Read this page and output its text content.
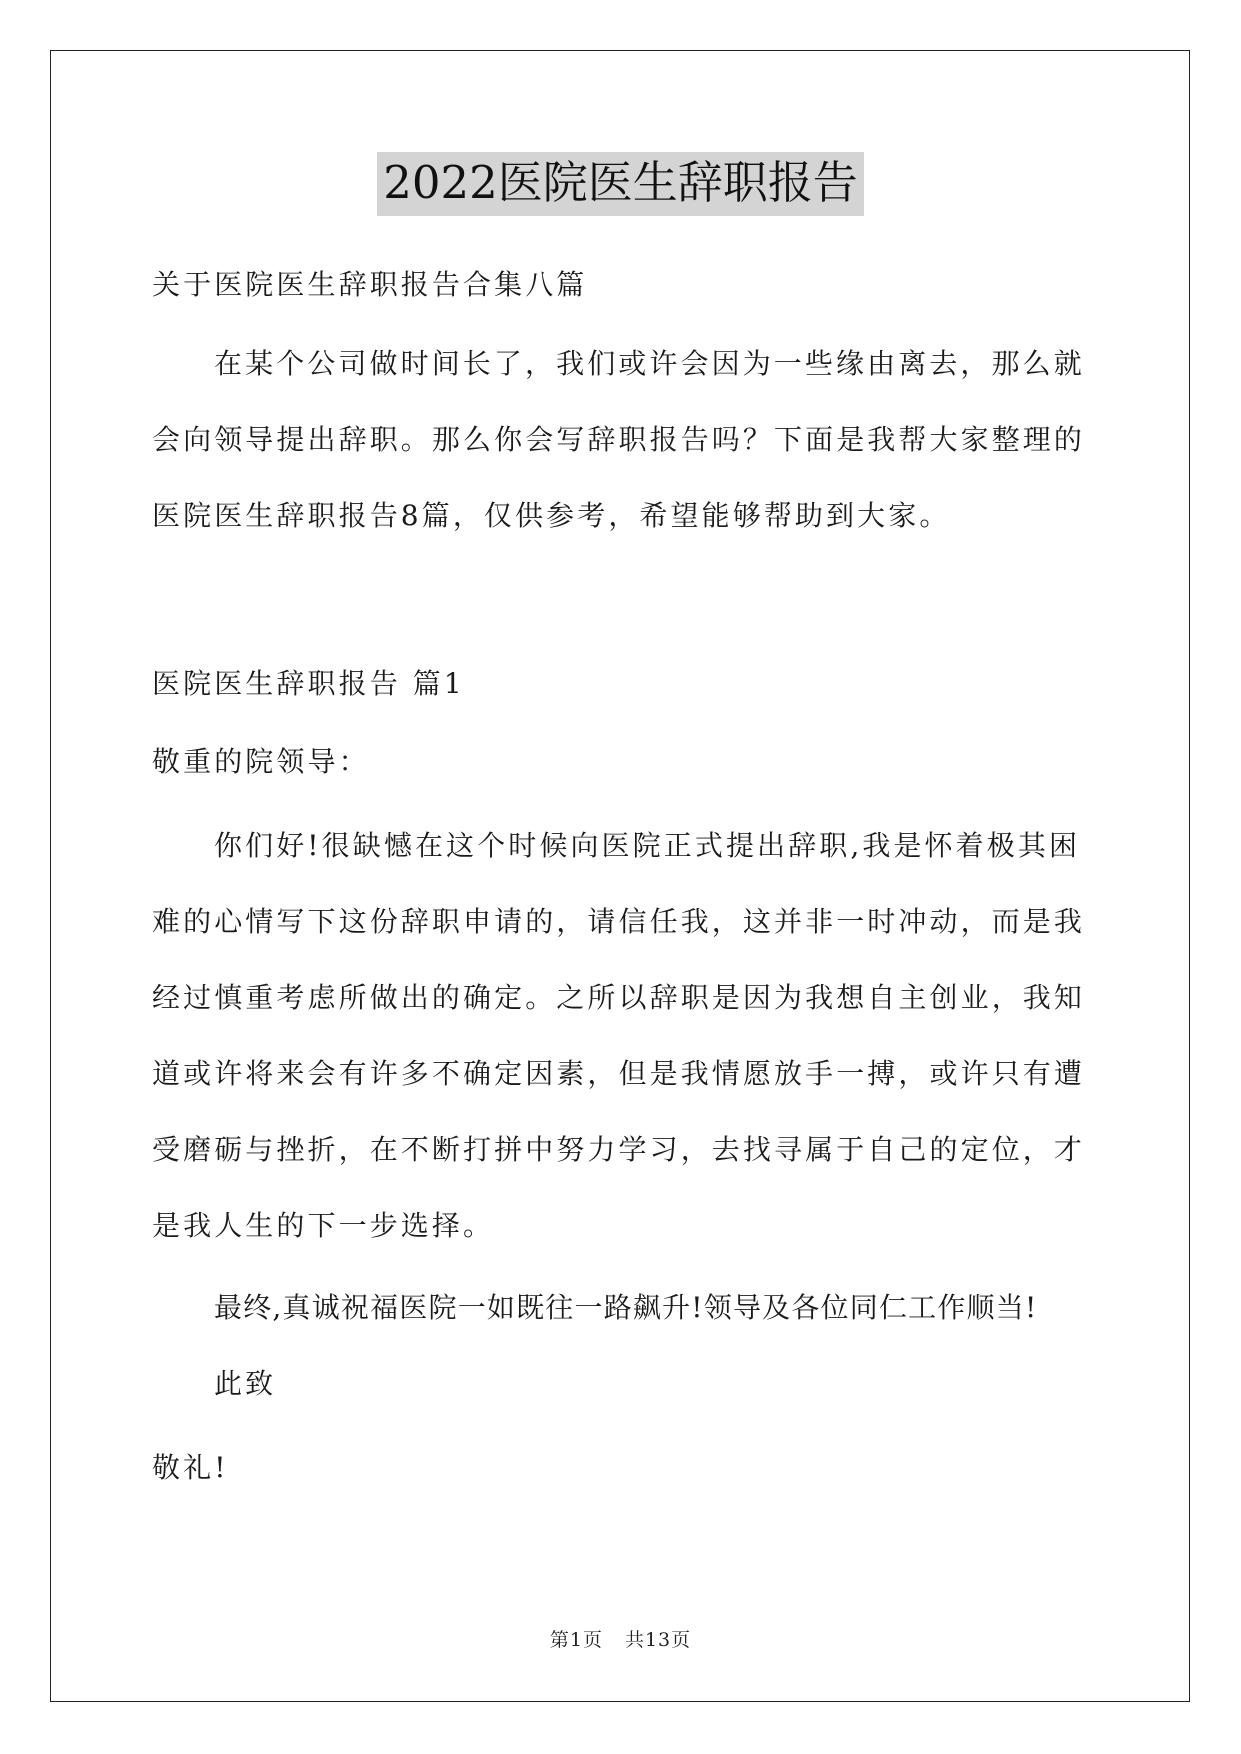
2022医院医生辞职报告
关于医院医生辞职报告合集八篇
在某个公司做时间长了，我们或许会因为一些缘由离去，那么就
会向领导提出辞职。那么你会写辞职报告吗？下面是我帮大家整理的
医院医生辞职报告8篇，仅供参考，希望能够帮助到大家。
医院医生辞职报告 篇1
敬重的院领导：
你们好!很缺憾在这个时候向医院正式提出辞职,我是怀着极其困
难的心情写下这份辞职申请的，请信任我，这并非一时冲动，而是我
经过慎重考虑所做出的确定。之所以辞职是因为我想自主创业，我知
道或许将来会有许多不确定因素，但是我情愿放手一搏，或许只有遭
受磨砺与挫折，在不断打拼中努力学习，去找寻属于自己的定位，才
是我人生的下一步选择。
最终,真诚祝福医院一如既往一路飙升!领导及各位同仁工作顺当!
此致
敬礼!
第1页 共13页
